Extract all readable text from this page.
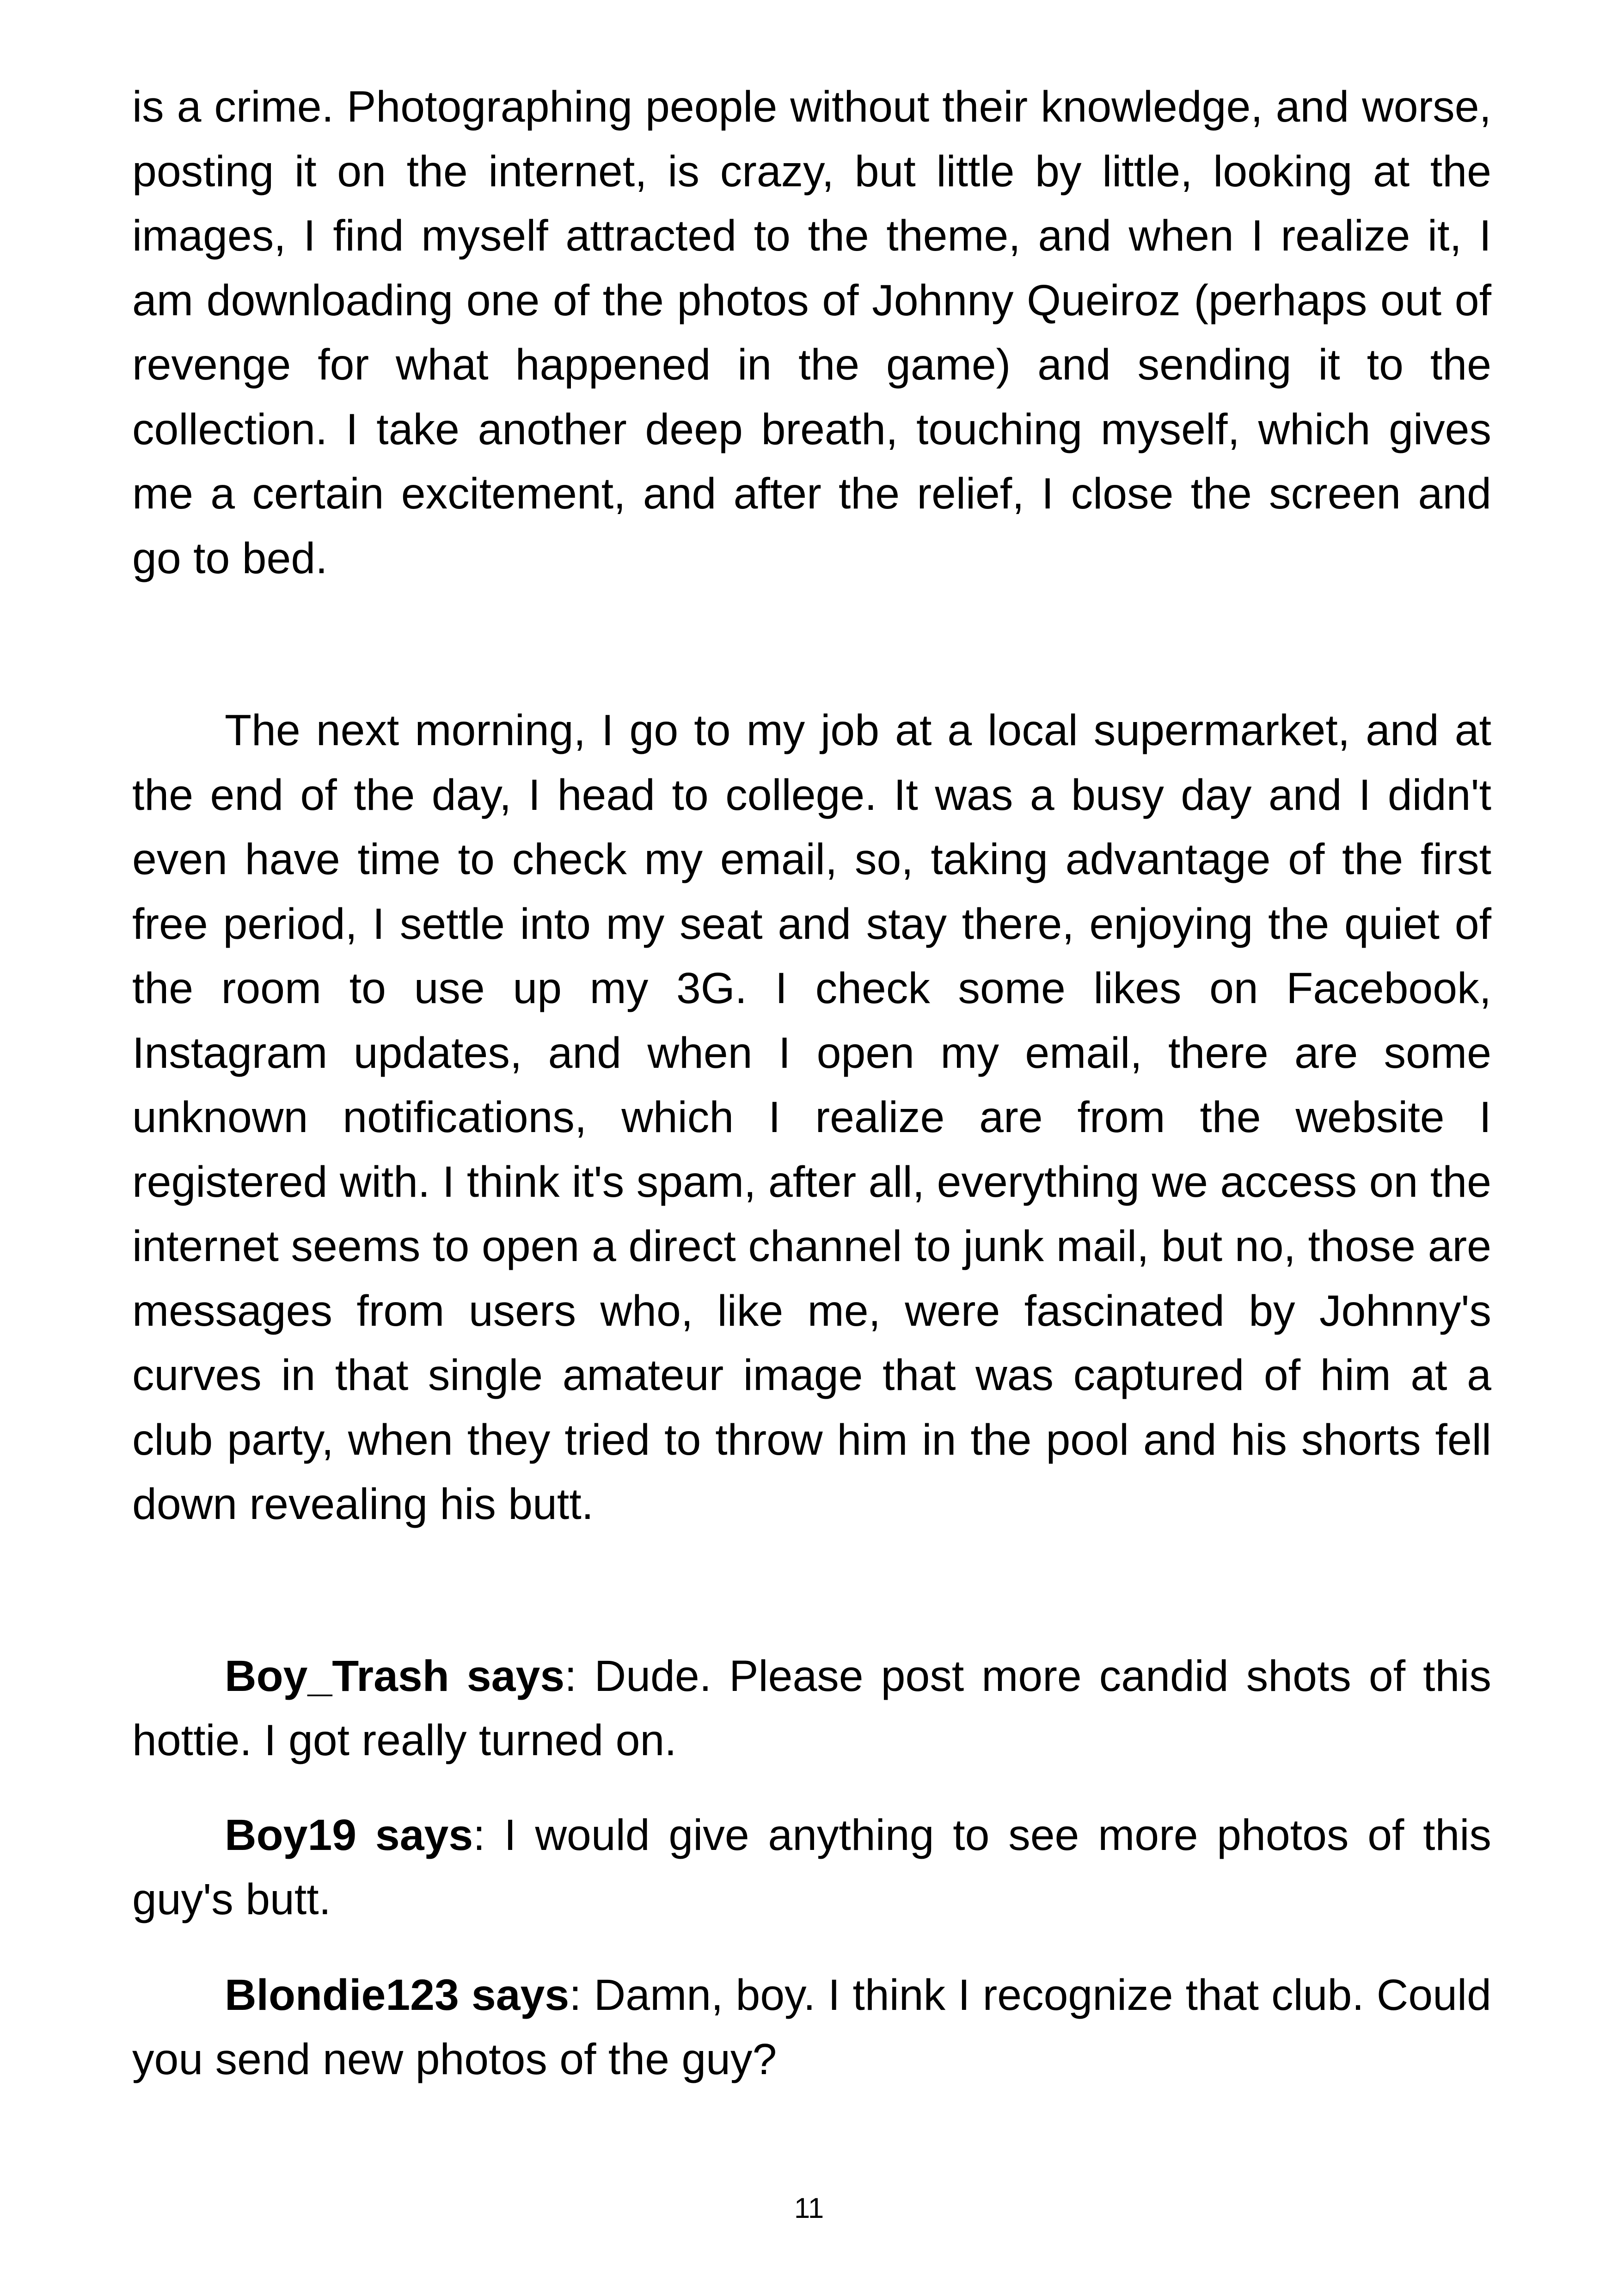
is a crime. Photographing people without their knowledge, and worse, posting it on the internet, is crazy, but little by little, looking at the images, I find myself attracted to the theme, and when I realize it, I am downloading one of the photos of Johnny Queiroz (perhaps out of revenge for what happened in the game) and sending it to the collection. I take another deep breath, touching myself, which gives me a certain excitement, and after the relief, I close the screen and go to bed.

The next morning, I go to my job at a local supermarket, and at the end of the day, I head to college. It was a busy day and I didn't even have time to check my email, so, taking advantage of the first free period, I settle into my seat and stay there, enjoying the quiet of the room to use up my 3G. I check some likes on Facebook, Instagram updates, and when I open my email, there are some unknown notifications, which I realize are from the website I registered with. I think it's spam, after all, everything we access on the internet seems to open a direct channel to junk mail, but no, those are messages from users who, like me, were fascinated by Johnny's curves in that single amateur image that was captured of him at a club party, when they tried to throw him in the pool and his shorts fell down revealing his butt.

Boy_Trash says: Dude. Please post more candid shots of this hottie. I got really turned on.

Boy19 says: I would give anything to see more photos of this guy's butt.

Blondie123 says: Damn, boy. I think I recognize that club. Could you send new photos of the guy?

11
